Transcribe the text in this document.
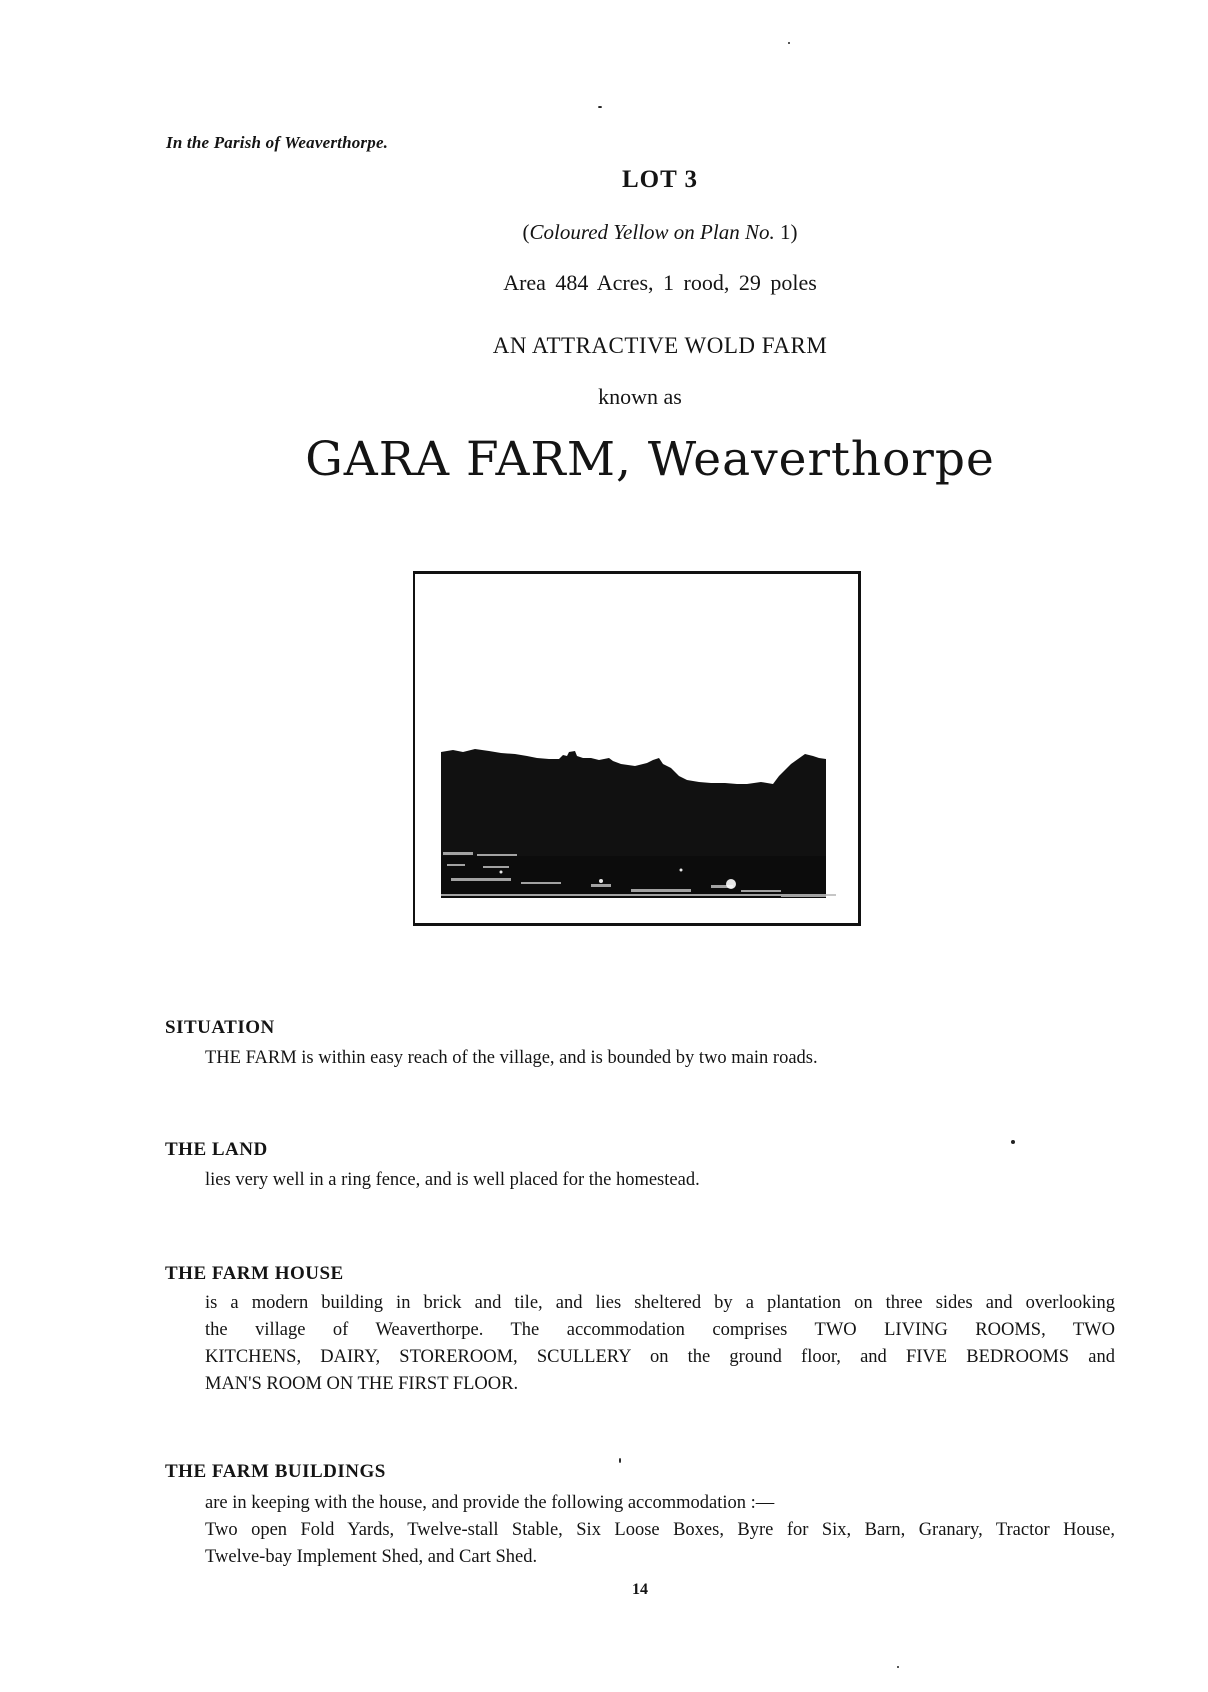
In the Parish of Weaverthorpe.
LOT 3
(Coloured Yellow on Plan No. 1)
Area 484 Acres, 1 rood, 29 poles
AN ATTRACTIVE WOLD FARM
known as
GARA FARM, Weaverthorpe
SITUATION
THE FARM is within easy reach of the village, and is bounded by two main roads.
THE LAND
lies very well in a ring fence, and is well placed for the homestead.
THE FARM HOUSE
is a modern building in brick and tile, and lies sheltered by a plantation on three sides and overlooking
the village of Weaverthorpe. The accommodation comprises TWO LIVING ROOMS, TWO
KITCHENS, DAIRY, STOREROOM, SCULLERY on the ground floor, and FIVE BEDROOMS and
MAN'S ROOM ON THE FIRST FLOOR.
THE FARM BUILDINGS
are in keeping with the house, and provide the following accommodation :—
Two open Fold Yards, Twelve-stall Stable, Six Loose Boxes, Byre for Six, Barn, Granary, Tractor House,
Twelve-bay Implement Shed, and Cart Shed.
14
